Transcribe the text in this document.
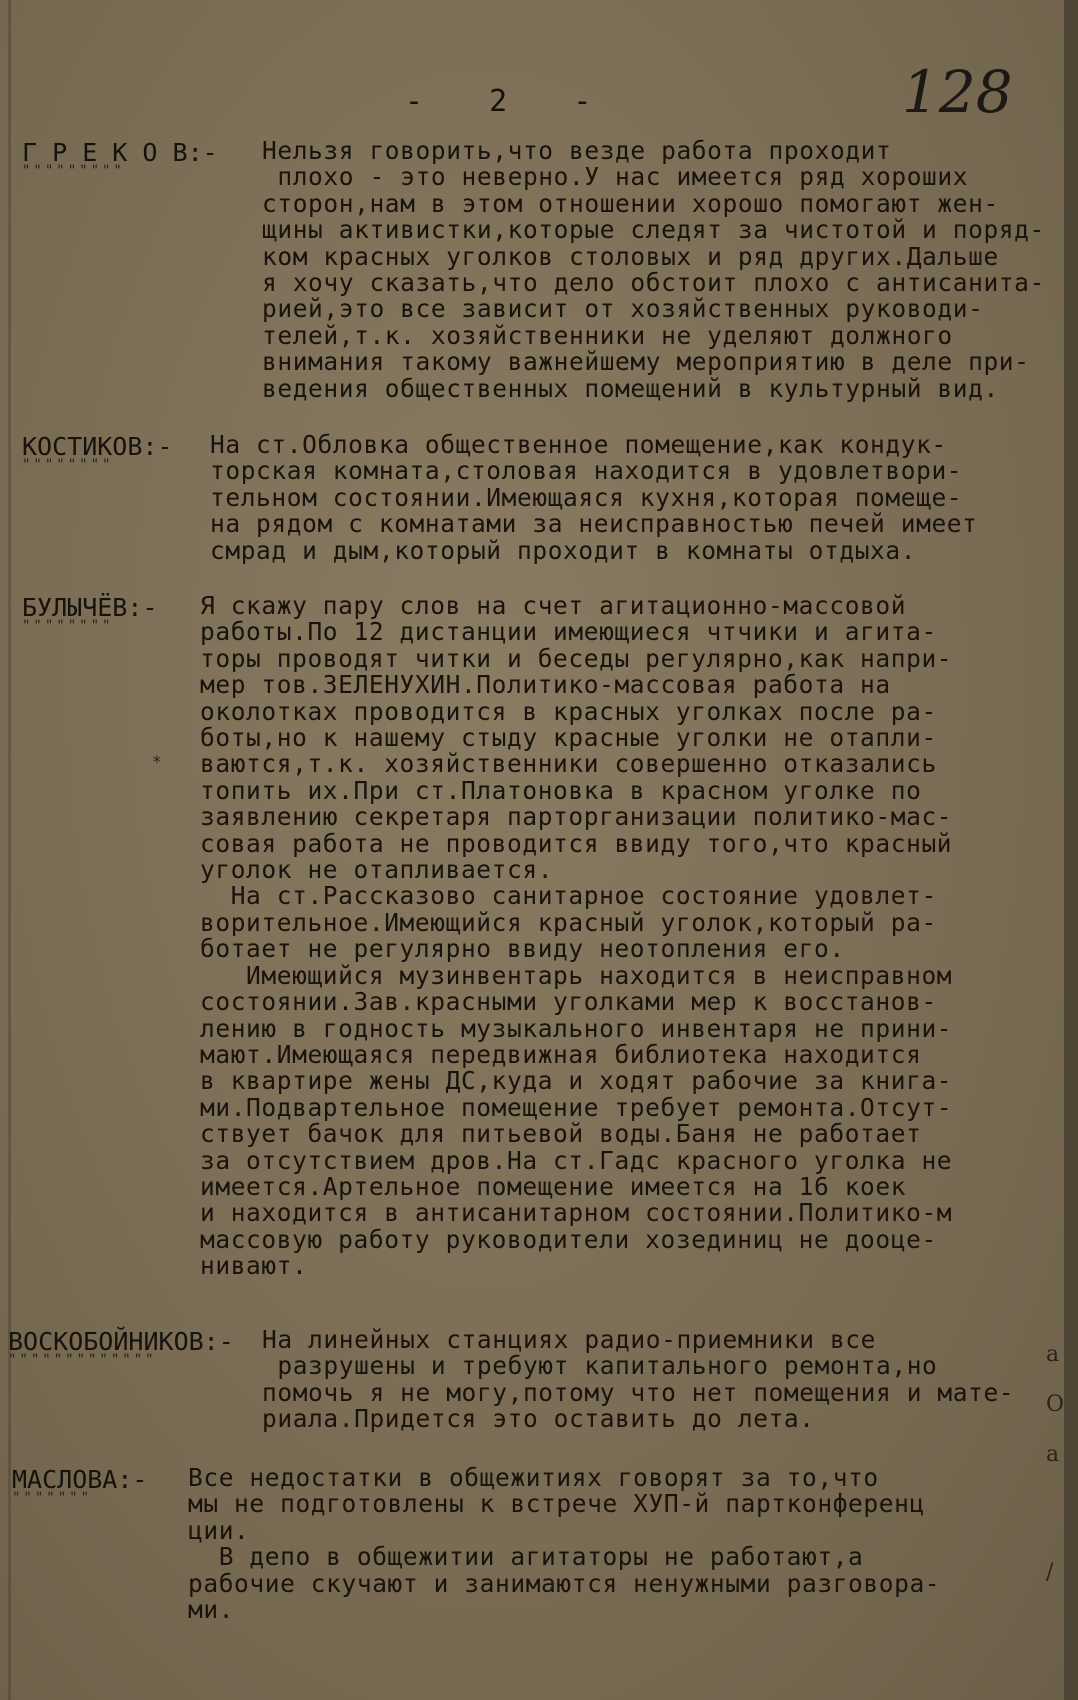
- 2 -	128
Г Р Е К О В:-
"""""""""
Нельзя говорить,что везде работа проходит
плохо - это неверно.У нас имеется ряд хороших
сторон,нам в этом отношении хорошо помогают жен-
щины активистки,которые следят за чистотой и поряд-
ком красных уголков столовых и ряд других.Дальше
я хочу сказать,что дело обстоит плохо с антисанита-
рией,это все зависит от хозяйственных руководи-
телей,т.к. хозяйственники не уделяют должного
внимания такому важнейшему мероприятию в деле при-
ведения общественных помещений в культурный вид.
КОСТИКОВ:-
""""""""
На ст.Обловка общественное помещение,как кондук-
торская комната,столовая находится в удовлетвори-
тельном состоянии.Имеющаяся кухня,которая помеще-
на рядом с комнатами за неисправностью печей имеет
смрад и дым,который проходит в комнаты отдыха.
БУЛЫЧЁВ:-
""""""""
*
Я скажу пару слов на счет агитационно-массовой
работы.По 12 дистанции имеющиеся чтчики и агита-
торы проводят читки и беседы регулярно,как напри-
мер тов.ЗЕЛЕНУХИН.Политико-массовая работа на
околотках проводится в красных уголках после ра-
боты,но к нашему стыду красные уголки не отапли-
ваются,т.к. хозяйственники совершенно отказались
топить их.При ст.Платоновка в красном уголке по
заявлению секретаря парторганизации политико-мас-
совая работа не проводится ввиду того,что красный
уголок не отапливается.
На ст.Рассказово санитарное состояние удовлет-
ворительное.Имеющийся красный уголок,который ра-
ботает не регулярно ввиду неотопления его.
Имеющийся музинвентарь находится в неисправном
состоянии.Зав.красными уголками мер к восстанов-
лению в годность музыкального инвентаря не прини-
мают.Имеющаяся передвижная библиотека находится
в квартире жены ДС,куда и ходят рабочие за книга-
ми.Подвартельное помещение требует ремонта.Отсут-
ствует бачок для питьевой воды.Баня не работает
за отсутствием дров.На ст.Гадс красного уголка не
имеется.Артельное помещение имеется на 16 коек
и находится в антисанитарном состоянии.Политико-м
массовую работу руководители хозединиц не дооце-
нивают.
ВОСКОБОЙНИКОВ:-
"""""""""""""
На линейных станциях радио-приемники все
разрушены и требуют капитального ремонта,но
помочь я не могу,потому что нет помещения и мате-
риала.Придется это оставить до лета.
МАСЛОВА:-
"""""""
Все недостатки в общежитиях говорят за то,что
мы не подготовлены к встрече ХУП-й партконференц
ции.
В депо в общежитии агитаторы не работают,а
рабочие скучают и занимаются ненужными разговора-
ми.
а
О
а
/
